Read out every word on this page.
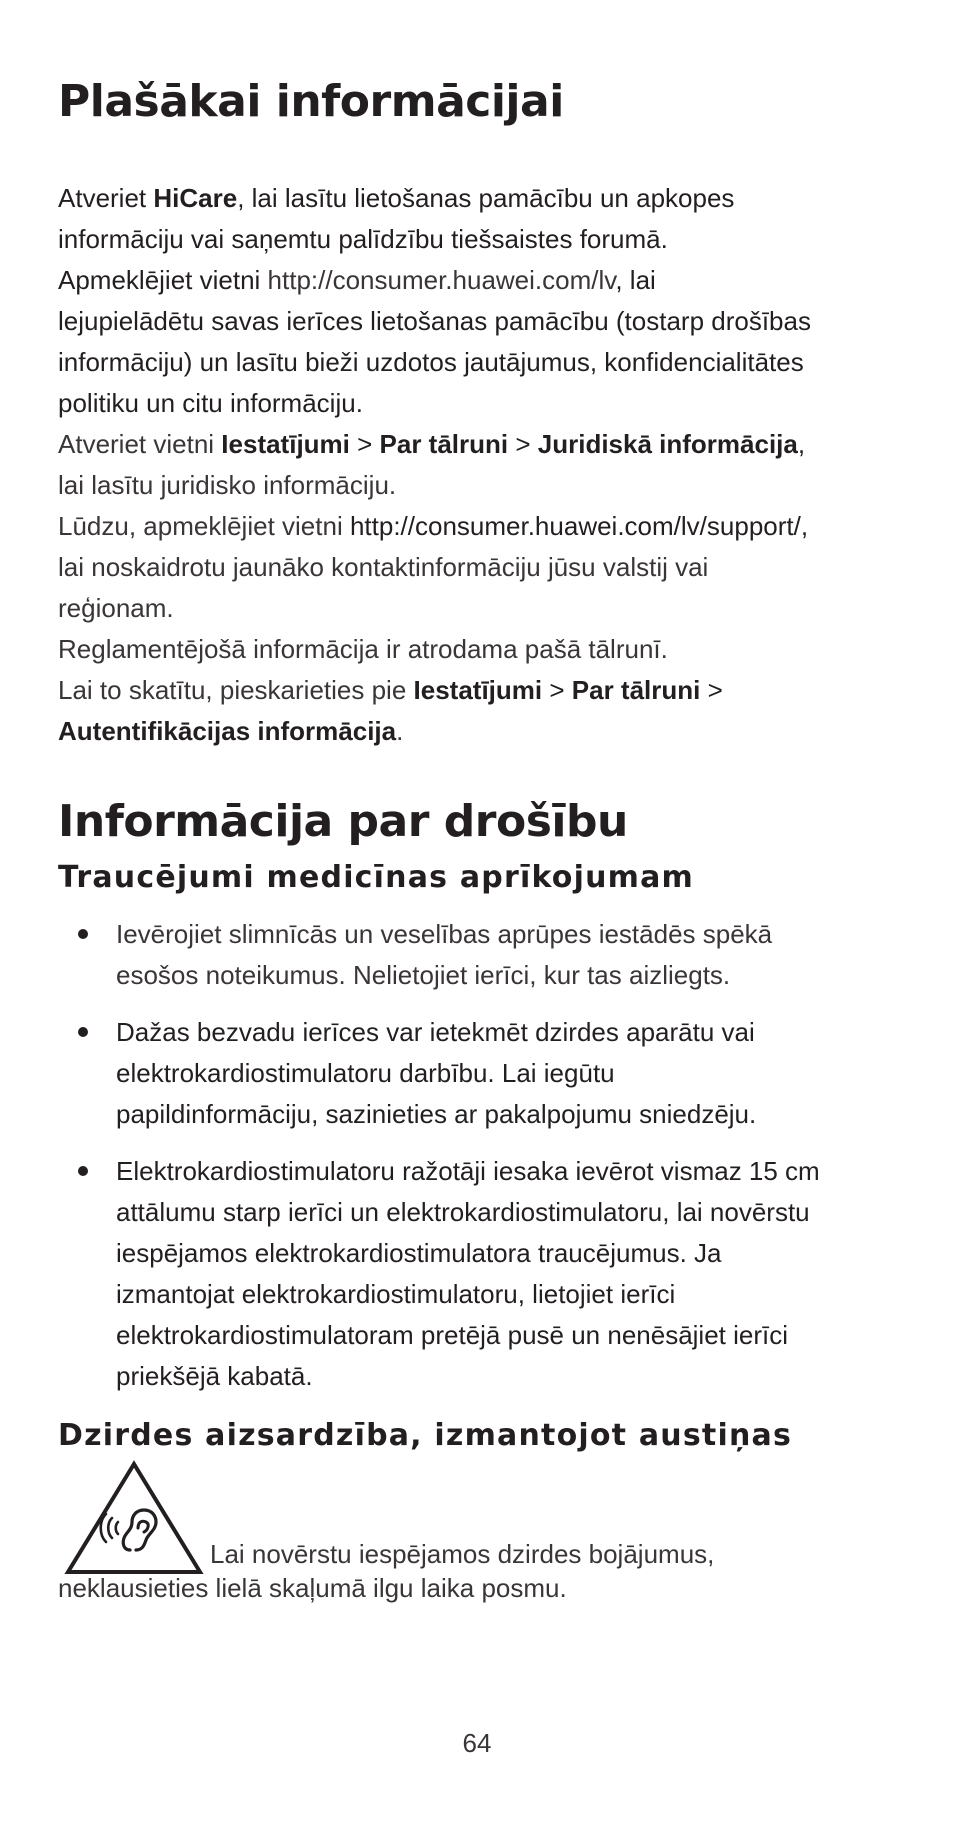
Plašākai informācijai
Atveriet HiCare, lai lasītu lietošanas pamācību un apkopes
informāciju vai saņemtu palīdzību tiešsaistes forumā.
Apmeklējiet vietni http://consumer.huawei.com/lv, lai
lejupielādētu savas ierīces lietošanas pamācību (tostarp drošības
informāciju) un lasītu bieži uzdotos jautājumus, konfidencialitātes
politiku un citu informāciju.
Atveriet vietni Iestatījumi > Par tālruni > Juridiskā informācija,
lai lasītu juridisko informāciju.
Lūdzu, apmeklējiet vietni http://consumer.huawei.com/lv/support/,
lai noskaidrotu jaunāko kontaktinformāciju jūsu valstij vai
reģionam.
Reglamentējošā informācija ir atrodama pašā tālrunī.
Lai to skatītu, pieskarieties pie Iestatījumi > Par tālruni >
Autentifikācijas informācija.
Informācija par drošību
Traucējumi medicīnas aprīkojumam
Ievērojiet slimnīcās un veselības aprūpes iestādēs spēkā
esošos noteikumus. Nelietojiet ierīci, kur tas aizliegts.
Dažas bezvadu ierīces var ietekmēt dzirdes aparātu vai
elektrokardiostimulatoru darbību. Lai iegūtu
papildinformāciju, sazinieties ar pakalpojumu sniedzēju.
Elektrokardiostimulatoru ražotāji iesaka ievērot vismaz 15 cm
attālumu starp ierīci un elektrokardiostimulatoru, lai novērstu
iespējamos elektrokardiostimulatora traucējumus. Ja
izmantojat elektrokardiostimulatoru, lietojiet ierīci
elektrokardiostimulatoram pretējā pusē un nenēsājiet ierīci
priekšējā kabatā.
Dzirdes aizsardzība, izmantojot austiņas
Lai novērstu iespējamos dzirdes bojājumus,
neklausieties lielā skaļumā ilgu laika posmu.
64
